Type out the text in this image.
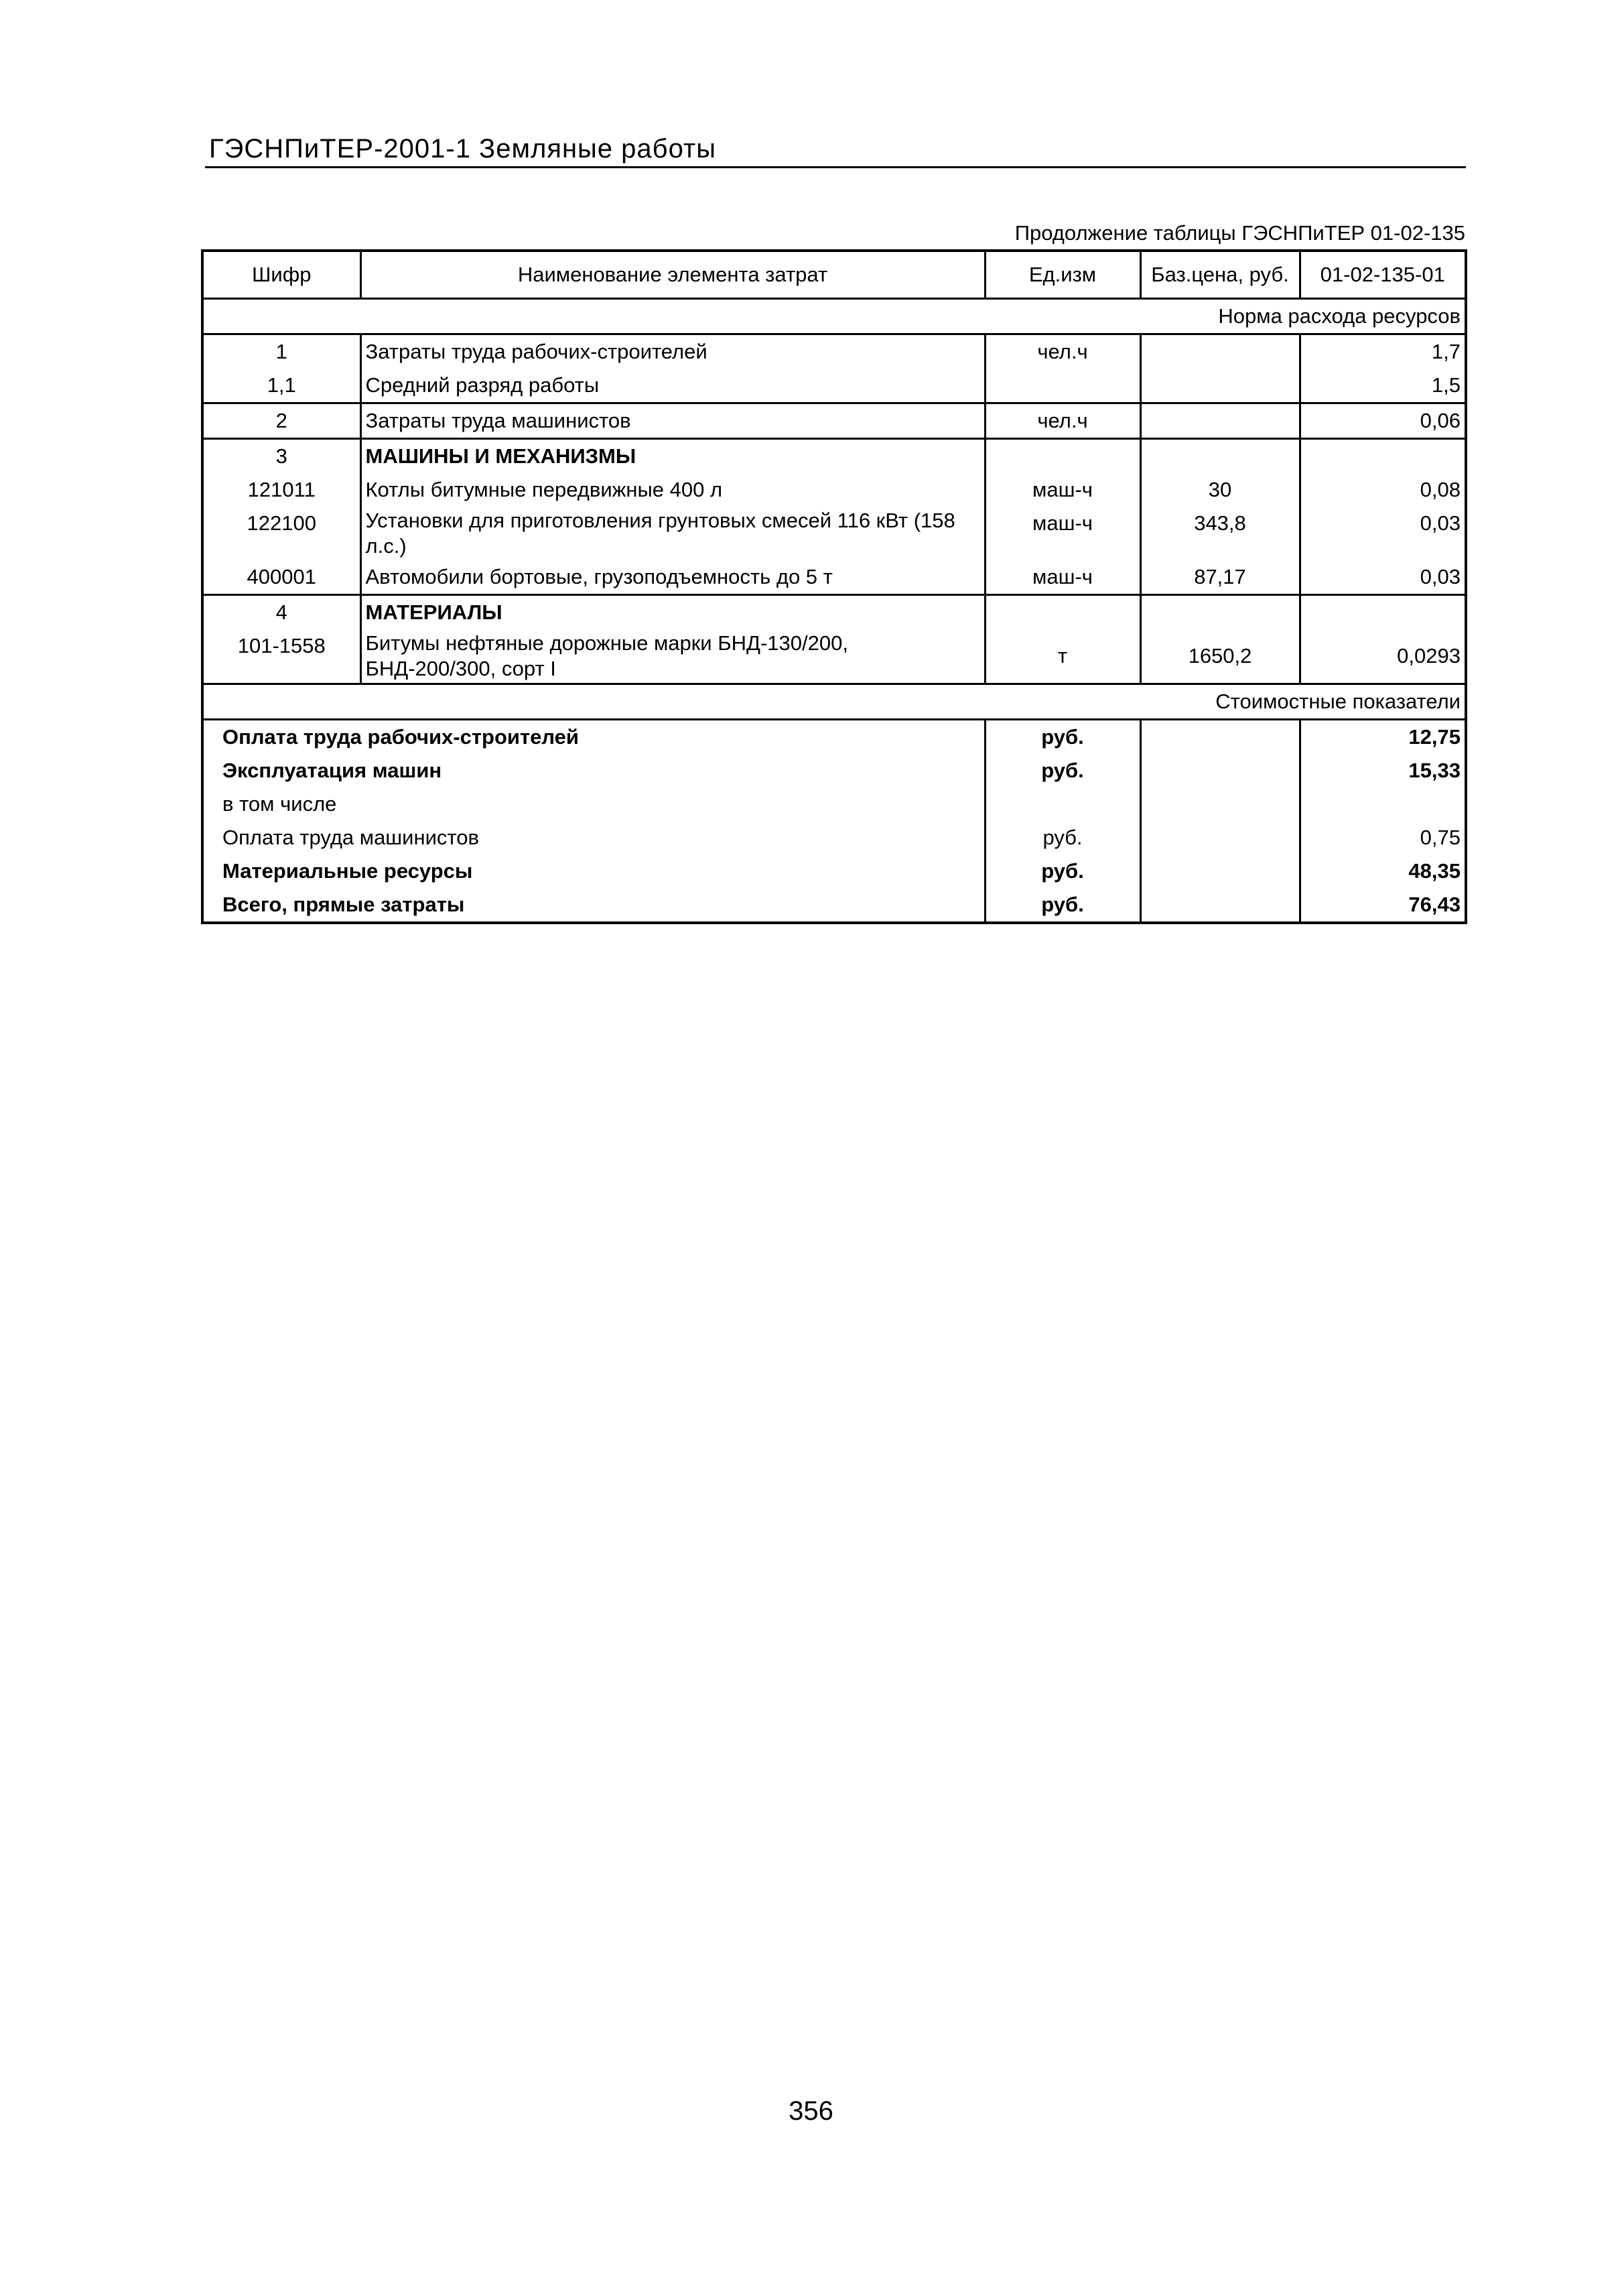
ГЭСНПиТЕР-2001-1 Земляные работы
Продолжение таблицы ГЭСНПиТЕР 01-02-135
Шифр	Наименование элемента затрат	Ед.изм	Баз.цена, руб.	01-02-135-01
Норма расхода ресурсов				
1	Затраты труда рабочих-строителей	чел.ч		1,7
1,1	Средний разряд работы			1,5
2	Затраты труда машинистов	чел.ч		0,06
3	МАШИНЫ И МЕХАНИЗМЫ			
121011	Котлы битумные передвижные 400 л	маш-ч	30	0,08
122100	Установки для приготовления грунтовых смесей 116 кВт (158 л.с.)	маш-ч	343,8	0,03
400001	Автомобили бортовые, грузоподъемность до 5 т	маш-ч	87,17	0,03
4	МАТЕРИАЛЫ			
101-1558	Битумы нефтяные дорожные марки БНД-130/200, БНД-200/300, сорт I	т	1650,2	0,0293
Стоимостные показатели				
Оплата труда рабочих-строителей		руб.		12,75
Эксплуатация машин		руб.		15,33
в том числе				
Оплата труда машинистов		руб.		0,75
Материальные ресурсы		руб.		48,35
Всего, прямые затраты		руб.		76,43
356
